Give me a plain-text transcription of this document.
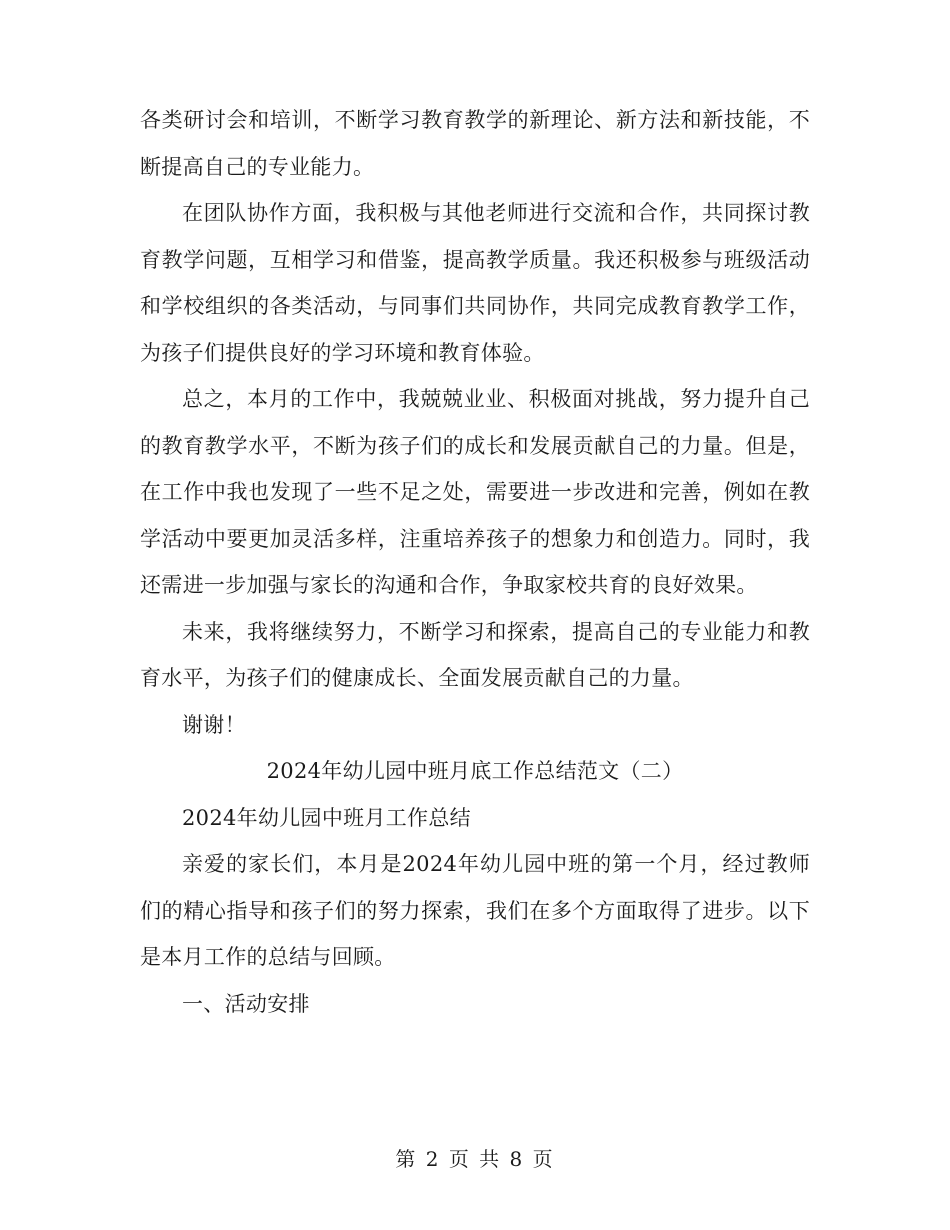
各类研讨会和培训，不断学习教育教学的新理论、新方法和新技能，不断提高自己的专业能力。

在团队协作方面，我积极与其他老师进行交流和合作，共同探讨教育教学问题，互相学习和借鉴，提高教学质量。我还积极参与班级活动和学校组织的各类活动，与同事们共同协作，共同完成教育教学工作，为孩子们提供良好的学习环境和教育体验。

总之，本月的工作中，我兢兢业业、积极面对挑战，努力提升自己的教育教学水平，不断为孩子们的成长和发展贡献自己的力量。但是，在工作中我也发现了一些不足之处，需要进一步改进和完善，例如在教学活动中要更加灵活多样，注重培养孩子的想象力和创造力。同时，我还需进一步加强与家长的沟通和合作，争取家校共育的良好效果。

未来，我将继续努力，不断学习和探索，提高自己的专业能力和教育水平，为孩子们的健康成长、全面发展贡献自己的力量。

谢谢！

2024年幼儿园中班月底工作总结范文（二）

2024年幼儿园中班月工作总结

亲爱的家长们，本月是2024年幼儿园中班的第一个月，经过教师们的精心指导和孩子们的努力探索，我们在多个方面取得了进步。以下是本月工作的总结与回顾。

一、活动安排

第 2 页 共 8 页
